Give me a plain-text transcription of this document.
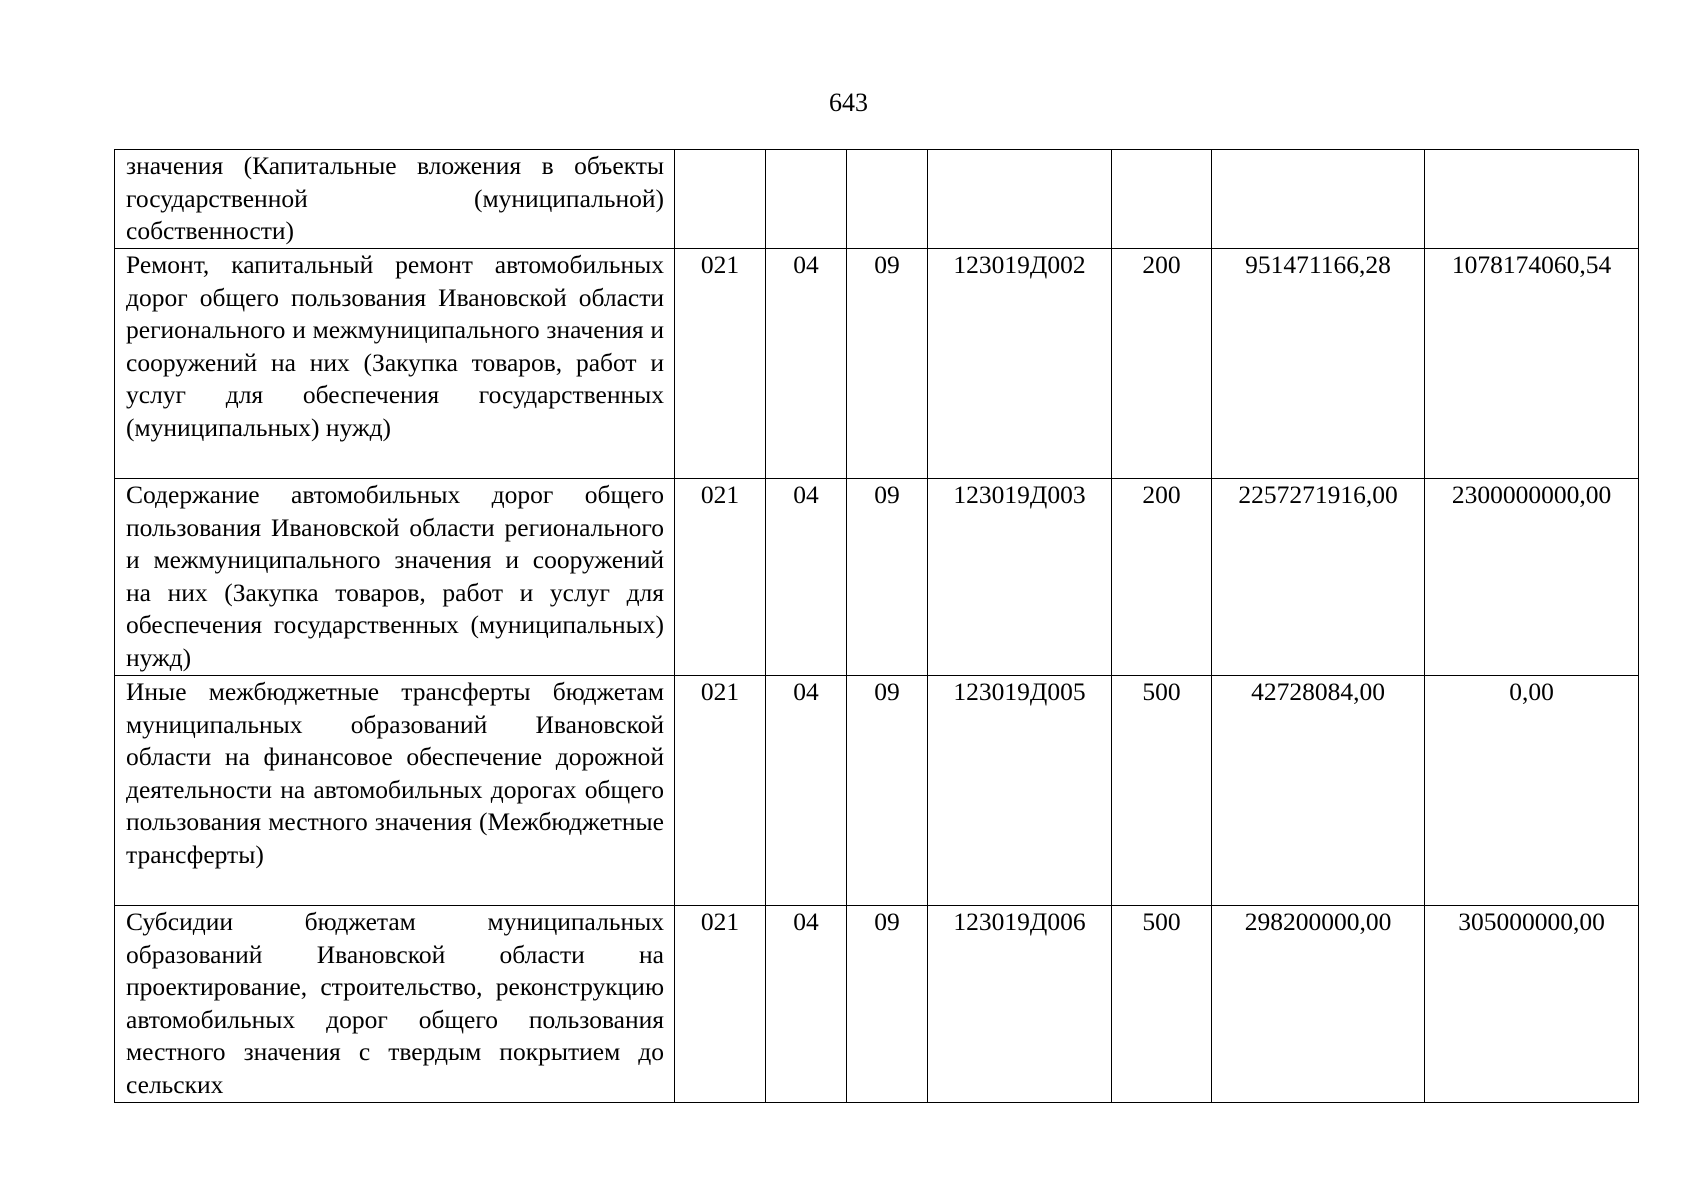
643
значения (Капитальные вложения в объекты государственной (муниципальной) собственности)							
Ремонт, капитальный ремонт автомобильных дорог общего пользования Ивановской области регионального и межмуниципального значения и сооружений на них (Закупка товаров, работ и услуг для обеспечения государственных (муниципальных) нужд)	021	04	09	123019Д002	200	951471166,28	1078174060,54
Содержание автомобильных дорог общего пользования Ивановской области регионального и межмуниципального значения и сооружений на них (Закупка товаров, работ и услуг для обеспечения государственных (муниципальных) нужд)	021	04	09	123019Д003	200	2257271916,00	2300000000,00
Иные межбюджетные трансферты бюджетам муниципальных образований Ивановской области на финансовое обеспечение дорожной деятельности на автомобильных дорогах общего пользования местного значения (Межбюджетные трансферты)	021	04	09	123019Д005	500	42728084,00	0,00
Субсидии бюджетам муниципальных образований Ивановской области на проектирование, строительство, реконструкцию автомобильных дорог общего пользования местного значения с твердым покрытием до сельских	021	04	09	123019Д006	500	298200000,00	305000000,00
